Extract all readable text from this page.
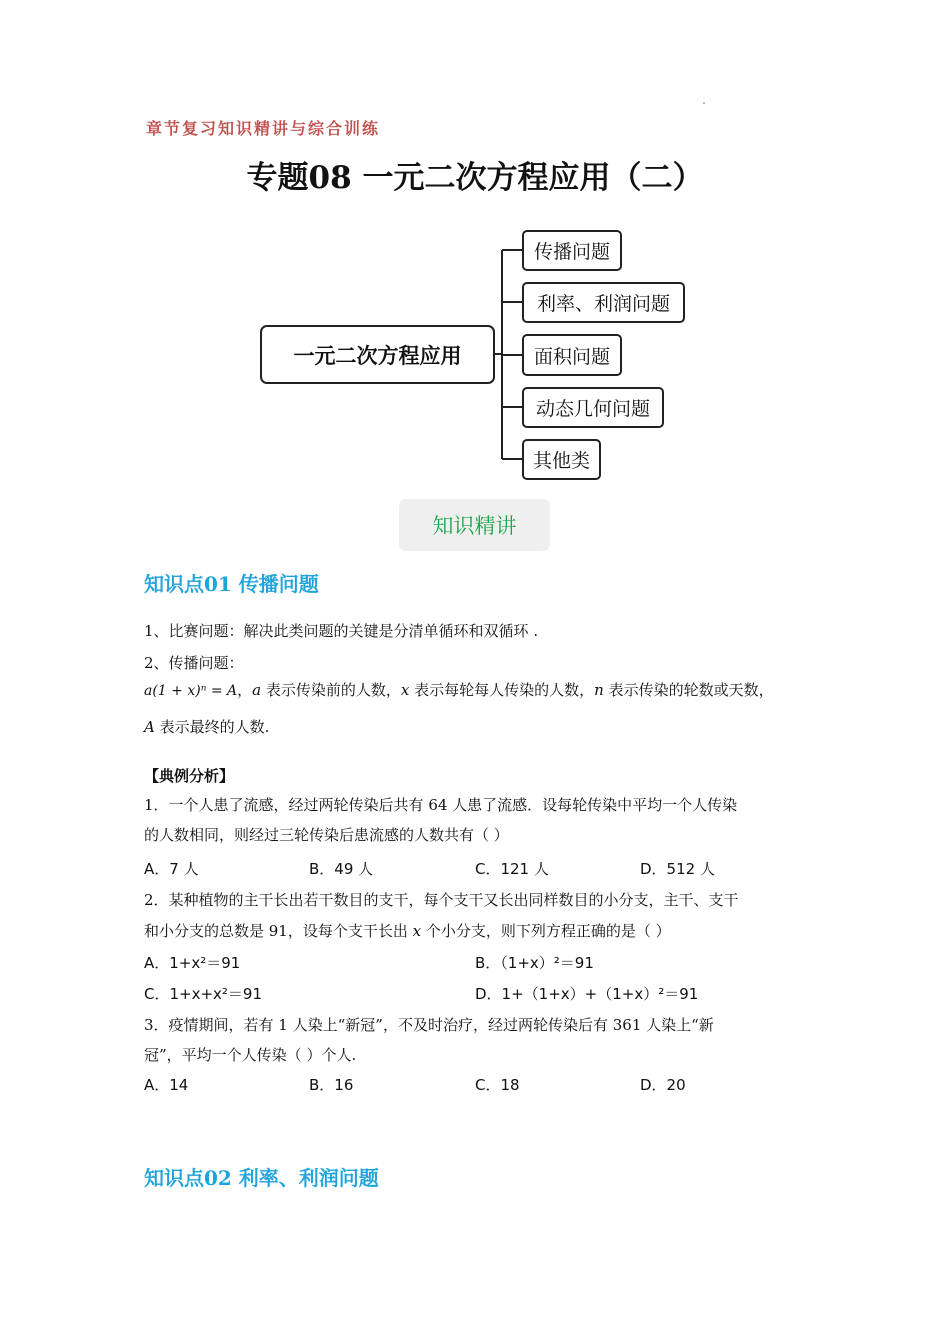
章节复习知识精讲与综合训练
专题08 一元二次方程应用（二）
一元二次方程应用
传播问题
利率、利润问题
面积问题
动态几何问题
其他类
知识精讲
知识点01 传播问题
1、比赛问题：解决此类问题的关键是分清单循环和双循环 .
2、传播问题：
a(1 + x)ⁿ = A，a 表示传染前的人数，x 表示每轮每人传染的人数，n 表示传染的轮数或天数，
A 表示最终的人数.
【典例分析】
1．一个人患了流感，经过两轮传染后共有 64 人患了流感．设每轮传染中平均一个人传染
的人数相同，则经过三轮传染后患流感的人数共有（ ）
A．7 人	B．49 人	C．121 人	D．512 人
2．某种植物的主干长出若干数目的支干，每个支干又长出同样数目的小分支，主干、支干
和小分支的总数是 91，设每个支干长出 x 个小分支，则下列方程正确的是（ ）
A．1+x²＝91	B．（1+x）²＝91
C．1+x+x²＝91	D．1+（1+x）+（1+x）²＝91
3．疫情期间，若有 1 人染上“新冠”，不及时治疗，经过两轮传染后有 361 人染上“新
冠”，平均一个人传染（ ）个人.
A．14	B．16	C．18	D．20
知识点02 利率、利润问题
